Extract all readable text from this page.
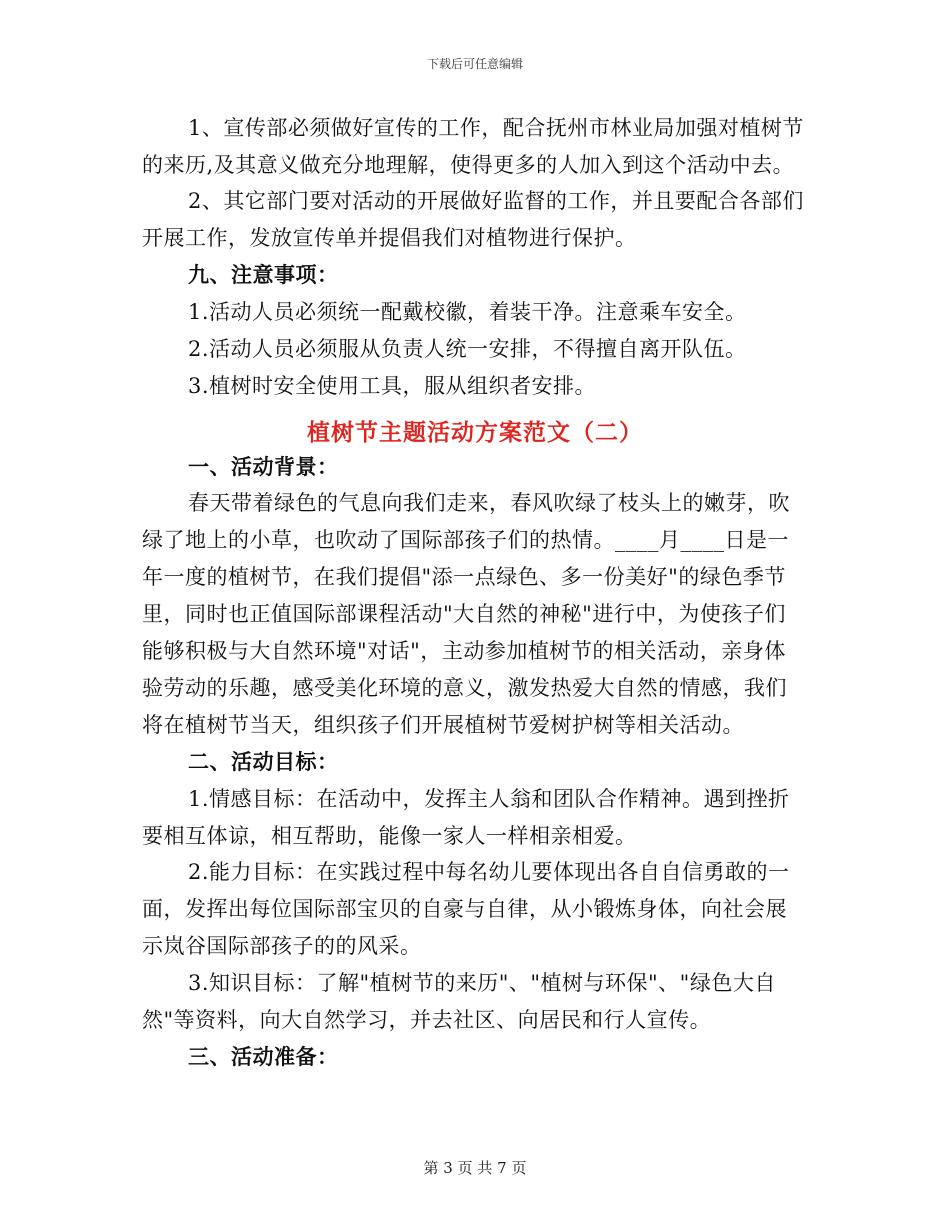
下载后可任意编辑
1、宣传部必须做好宣传的工作，配合抚州市林业局加强对植树节
的来历,及其意义做充分地理解，使得更多的人加入到这个活动中去。
2、其它部门要对活动的开展做好监督的工作，并且要配合各部们
开展工作，发放宣传单并提倡我们对植物进行保护。
九、注意事项：
1.活动人员必须统一配戴校徽，着装干净。注意乘车安全。
2.活动人员必须服从负责人统一安排，不得擅自离开队伍。
3.植树时安全使用工具，服从组织者安排。
植树节主题活动方案范文（二）
一、活动背景：
春天带着绿色的气息向我们走来，春风吹绿了枝头上的嫩芽，吹
绿了地上的小草，也吹动了国际部孩子们的热情。____月____日是一
年一度的植树节，在我们提倡"添一点绿色、多一份美好"的绿色季节
里，同时也正值国际部课程活动"大自然的神秘"进行中，为使孩子们
能够积极与大自然环境"对话"，主动参加植树节的相关活动，亲身体
验劳动的乐趣，感受美化环境的意义，激发热爱大自然的情感，我们
将在植树节当天，组织孩子们开展植树节爱树护树等相关活动。
二、活动目标：
1.情感目标：在活动中，发挥主人翁和团队合作精神。遇到挫折
要相互体谅，相互帮助，能像一家人一样相亲相爱。
2.能力目标：在实践过程中每名幼儿要体现出各自自信勇敢的一
面，发挥出每位国际部宝贝的自豪与自律，从小锻炼身体，向社会展
示岚谷国际部孩子的的风采。
3.知识目标：了解"植树节的来历"、"植树与环保"、"绿色大自
然"等资料，向大自然学习，并去社区、向居民和行人宣传。
三、活动准备：
第 3 页 共 7 页
